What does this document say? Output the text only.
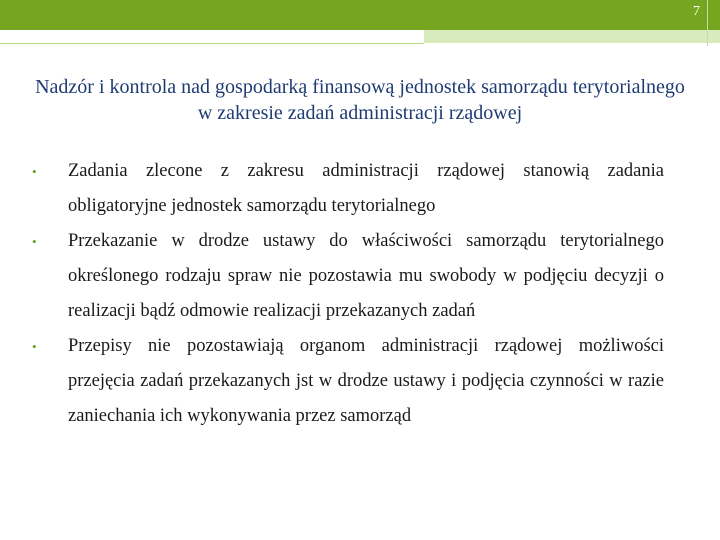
7
Nadzór i kontrola nad gospodarką finansową jednostek samorządu terytorialnego w zakresie zadań administracji rządowej
• Zadania zlecone z zakresu administracji rządowej stanowią zadania obligatoryjne jednostek samorządu terytorialnego
• Przekazanie w drodze ustawy do właściwości samorządu terytorialnego określonego rodzaju spraw nie pozostawia mu swobody w podjęciu decyzji o realizacji bądź odmowie realizacji przekazanych zadań
• Przepisy nie pozostawiają organom administracji rządowej możliwości przejęcia zadań przekazanych jst w drodze ustawy i podjęcia czynności w razie zaniechania ich wykonywania przez samorząd
